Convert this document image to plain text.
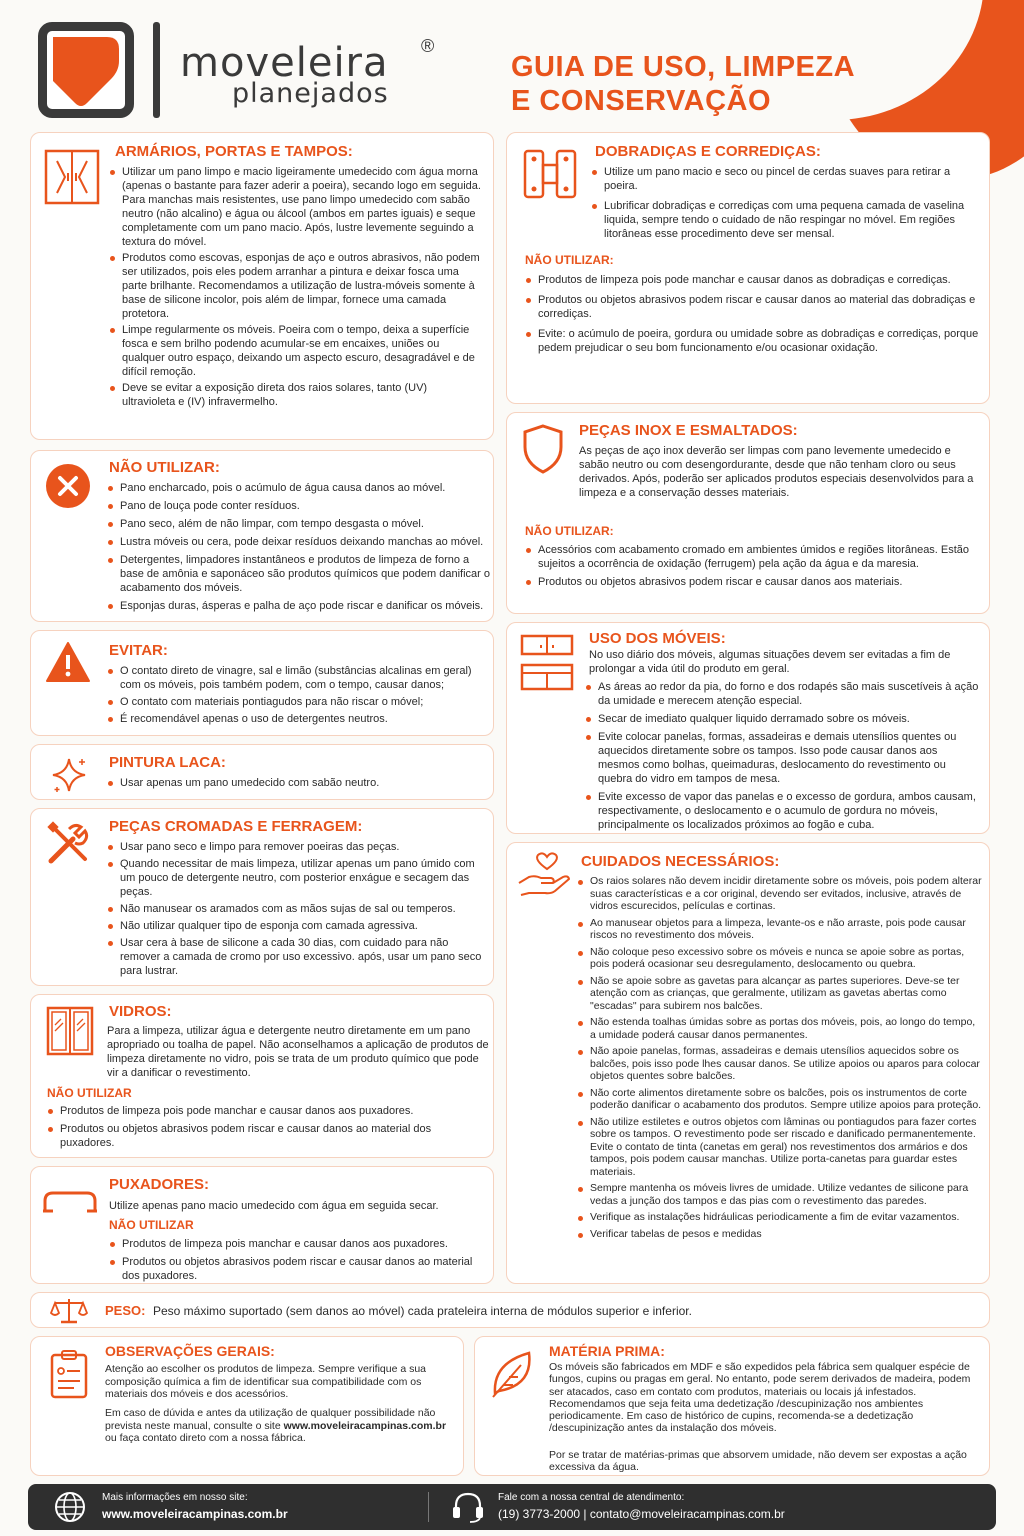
moveleira ®
planejados
GUIA DE USO, LIMPEZA
E CONSERVAÇÃO
ARMÁRIOS, PORTAS E TAMPOS:
Utilizar um pano limpo e macio ligeiramente umedecido com água morna (apenas o bastante para fazer aderir a poeira), secando logo em seguida. Para manchas mais resistentes, use pano limpo umedecido com sabão neutro (não alcalino) e água ou álcool (ambos em partes iguais) e seque completamente com um pano macio. Após, lustre levemente seguindo a textura do móvel.
Produtos como escovas, esponjas de aço e outros abrasivos, não podem ser utilizados, pois eles podem arranhar a pintura e deixar fosca uma parte brilhante. Recomendamos a utilização de lustra-móveis somente à base de silicone incolor, pois além de limpar, fornece uma camada protetora.
Limpe regularmente os móveis. Poeira com o tempo, deixa a superfície fosca e sem brilho podendo acumular-se em encaixes, uniões ou qualquer outro espaço, deixando um aspecto escuro, desagradável e de difícil remoção.
Deve se evitar a exposição direta dos raios solares, tanto (UV) ultravioleta e (IV) infravermelho.
NÃO UTILIZAR:
Pano encharcado, pois o acúmulo de água causa danos ao móvel.
Pano de louça pode conter resíduos.
Pano seco, além de não limpar, com tempo desgasta o móvel.
Lustra móveis ou cera, pode deixar resíduos deixando manchas ao móvel.
Detergentes, limpadores instantâneos e produtos de limpeza de forno a base de amônia e saponáceo são produtos químicos que podem danificar o acabamento dos móveis.
Esponjas duras, ásperas e palha de aço pode riscar e danificar os móveis.
EVITAR:
O contato direto de vinagre, sal e limão (substâncias alcalinas em geral) com os móveis, pois também podem, com o tempo, causar danos;
O contato com materiais pontiagudos para não riscar o móvel;
É recomendável apenas o uso de detergentes neutros.
PINTURA LACA:
Usar apenas um pano umedecido com sabão neutro.
PEÇAS CROMADAS E FERRAGEM:
Usar pano seco e limpo para remover poeiras das peças.
Quando necessitar de mais limpeza, utilizar apenas um pano úmido com um pouco de detergente neutro, com posterior enxágue e secagem das peças.
Não manusear os aramados com as mãos sujas de sal ou temperos.
Não utilizar qualquer tipo de esponja com camada agressiva.
Usar cera à base de silicone a cada 30 dias, com cuidado para não remover a camada de cromo por uso excessivo. após, usar um pano seco para lustrar.
VIDROS:

Para a limpeza, utilizar água e detergente neutro diretamente em um pano apropriado ou toalha de papel. Não aconselhamos a aplicação de produtos de limpeza diretamente no vidro, pois se trata de um produto químico que pode vir a danificar o revestimento.

NÃO UTILIZAR
Produtos de limpeza pois pode manchar e causar danos aos puxadores.
Produtos ou objetos abrasivos podem riscar e causar danos ao material dos puxadores.
PUXADORES:

Utilize apenas pano macio umedecido com água em seguida secar.

NÃO UTILIZAR
Produtos de limpeza pois manchar e causar danos aos puxadores.
Produtos ou objetos abrasivos podem riscar e causar danos ao material dos puxadores.
DOBRADIÇAS E CORREDIÇAS:
Utilize um pano macio e seco ou pincel de cerdas suaves para retirar a poeira.
Lubrificar dobradiças e corrediças com uma pequena camada de vaselina liquida, sempre tendo o cuidado de não respingar no móvel. Em regiões litorâneas esse procedimento deve ser mensal.
NÃO UTILIZAR:
Produtos de limpeza pois pode manchar e causar danos as dobradiças e corrediças.
Produtos ou objetos abrasivos podem riscar e causar danos ao material das dobradiças e corrediças.
Evite: o acúmulo de poeira, gordura ou umidade sobre as dobradiças e corrediças, porque pedem prejudicar o seu bom funcionamento e/ou ocasionar oxidação.
PEÇAS INOX E ESMALTADOS:

As peças de aço inox deverão ser limpas com pano levemente umedecido e sabão neutro ou com desengordurante, desde que não tenham cloro ou seus derivados. Após, poderão ser aplicados produtos especiais desenvolvidos para a limpeza e a conservação desses materiais.

NÃO UTILIZAR:
Acessórios com acabamento cromado em ambientes úmidos e regiões litorâneas. Estão sujeitos a ocorrência de oxidação (ferrugem) pela ação da água e da maresia.
Produtos ou objetos abrasivos podem riscar e causar danos aos materiais.
USO DOS MÓVEIS:

No uso diário dos móveis, algumas situações devem ser evitadas a fim de prolongar a vida útil do produto em geral.

As áreas ao redor da pia, do forno e dos rodapés são mais suscetíveis à ação da umidade e merecem atenção especial.
Secar de imediato qualquer liquido derramado sobre os móveis.
Evite colocar panelas, formas, assadeiras e demais utensílios quentes ou aquecidos diretamente sobre os tampos. Isso pode causar danos aos mesmos como bolhas, queimaduras, deslocamento do revestimento ou quebra do vidro em tampos de mesa.
Evite excesso de vapor das panelas e o excesso de gordura, ambos causam, respectivamente, o deslocamento e o acumulo de gordura no móveis, principalmente os localizados próximos ao fogão e cuba.
CUIDADOS NECESSÁRIOS:
Os raios solares não devem incidir diretamente sobre os móveis, pois podem alterar suas características e a cor original, devendo ser evitados, inclusive, através de vidros escurecidos, películas e cortinas.
Ao manusear objetos para a limpeza, levante-os e não arraste, pois pode causar riscos no revestimento dos móveis.
Não coloque peso excessivo sobre os móveis e nunca se apoie sobre as portas, pois poderá ocasionar seu desregulamento, deslocamento ou quebra.
Não se apoie sobre as gavetas para alcançar as partes superiores. Deve-se ter atenção com as crianças, que geralmente, utilizam as gavetas abertas como "escadas" para subirem nos balcões.
Não estenda toalhas úmidas sobre as portas dos móveis, pois, ao longo do tempo, a umidade poderá causar danos permanentes.
Não apoie panelas, formas, assadeiras e demais utensílios aquecidos sobre os balcões, pois isso pode lhes causar danos. Se utilize apoios ou aparos para colocar objetos quentes sobre balcões.
Não corte alimentos diretamente sobre os balcões, pois os instrumentos de corte poderão danificar o acabamento dos produtos. Sempre utilize apoios para proteção.
Não utilize estiletes e outros objetos com lâminas ou pontiagudos para fazer cortes sobre os tampos. O revestimento pode ser riscado e danificado permanentemente. Evite o contato de tinta (canetas em geral) nos revestimentos dos armários e dos tampos, pois podem causar manchas. Utilize porta-canetas para guardar estes materiais.
Sempre mantenha os móveis livres de umidade. Utilize vedantes de silicone para vedas a junção dos tampos e das pias com o revestimento das paredes.
Verifique as instalações hidráulicas periodicamente a fim de evitar vazamentos.
Verificar tabelas de pesos e medidas
PESO: Peso máximo suportado (sem danos ao móvel) cada prateleira interna de módulos superior e inferior.
OBSERVAÇÕES GERAIS:

Atenção ao escolher os produtos de limpeza. Sempre verifique a sua composição química a fim de identificar sua compatibilidade com os materiais dos móveis e dos acessórios.

Em caso de dúvida e antes da utilização de qualquer possibilidade não prevista neste manual, consulte o site www.moveleiracampinas.com.br ou faça contato direto com a nossa fábrica.

MATÉRIA PRIMA:

Os móveis são fabricados em MDF e são expedidos pela fábrica sem qualquer espécie de fungos, cupins ou pragas em geral. No entanto, pode serem derivados de madeira, podem ser atacados, caso em contato com produtos, materiais ou locais já infestados. Recomendamos que seja feita uma dedetização /descupinização nos ambientes periodicamente. Em caso de histórico de cupins, recomenda-se a dedetização /descupinização antes da instalação dos móveis.

Por se tratar de matérias-primas que absorvem umidade, não devem ser expostas a ação excessiva da água.

Mais informações em nosso site:
www.moveleiracampinas.com.br
Fale com a nossa central de atendimento:
(19) 3773-2000 | contato@moveleiracampinas.com.br
